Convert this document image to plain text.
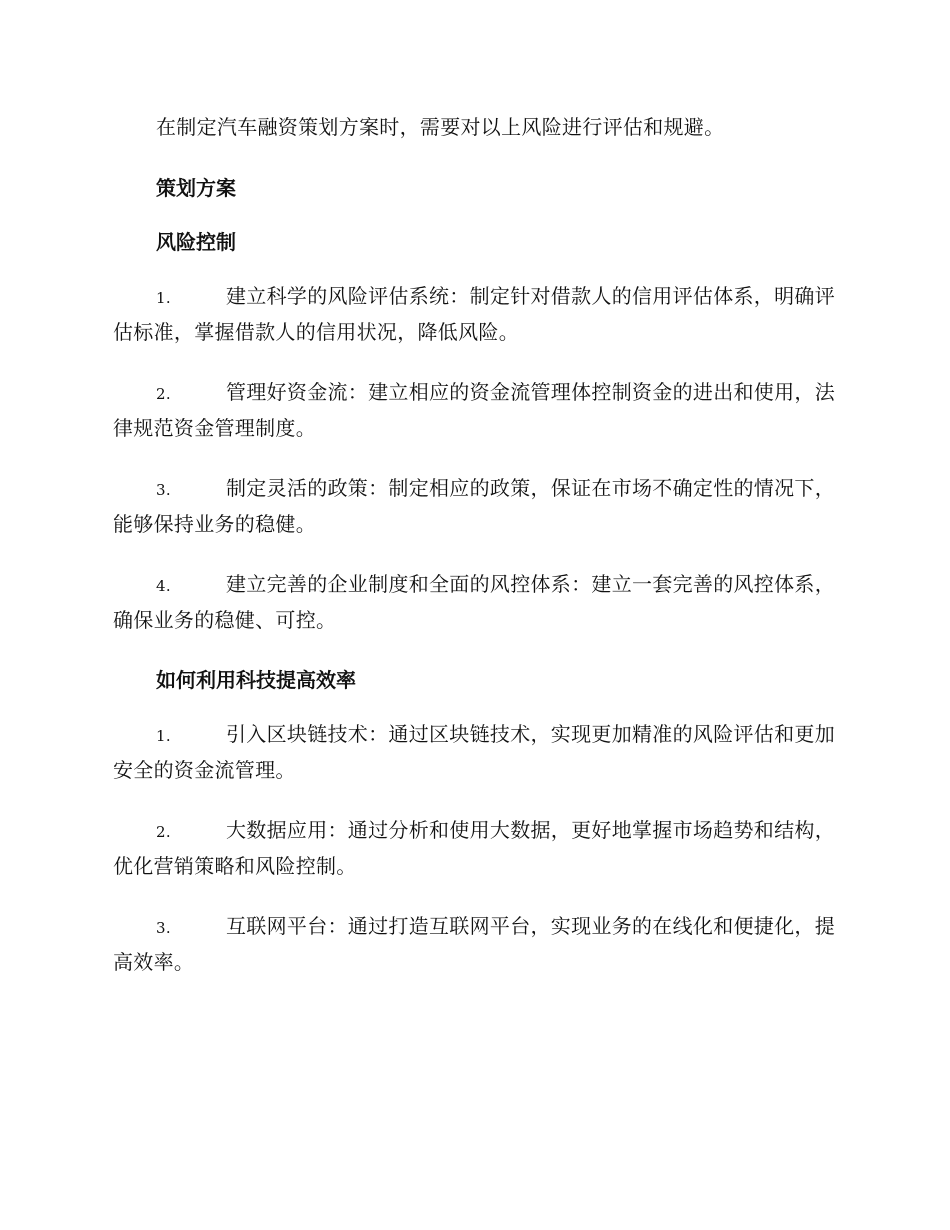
在制定汽车融资策划方案时，需要对以上风险进行评估和规避。

策划方案

风险控制

1.	建立科学的风险评估系统：制定针对借款人的信用评估体系，明确评估标准，掌握借款人的信用状况，降低风险。

2.	管理好资金流：建立相应的资金流管理体控制资金的进出和使用，法律规范资金管理制度。

3.	制定灵活的政策：制定相应的政策，保证在市场不确定性的情况下，能够保持业务的稳健。

4.	建立完善的企业制度和全面的风控体系：建立一套完善的风控体系，确保业务的稳健、可控。

如何利用科技提高效率

1.	引入区块链技术：通过区块链技术，实现更加精准的风险评估和更加安全的资金流管理。

2.	大数据应用：通过分析和使用大数据，更好地掌握市场趋势和结构，优化营销策略和风险控制。

3.	互联网平台：通过打造互联网平台，实现业务的在线化和便捷化，提高效率。
